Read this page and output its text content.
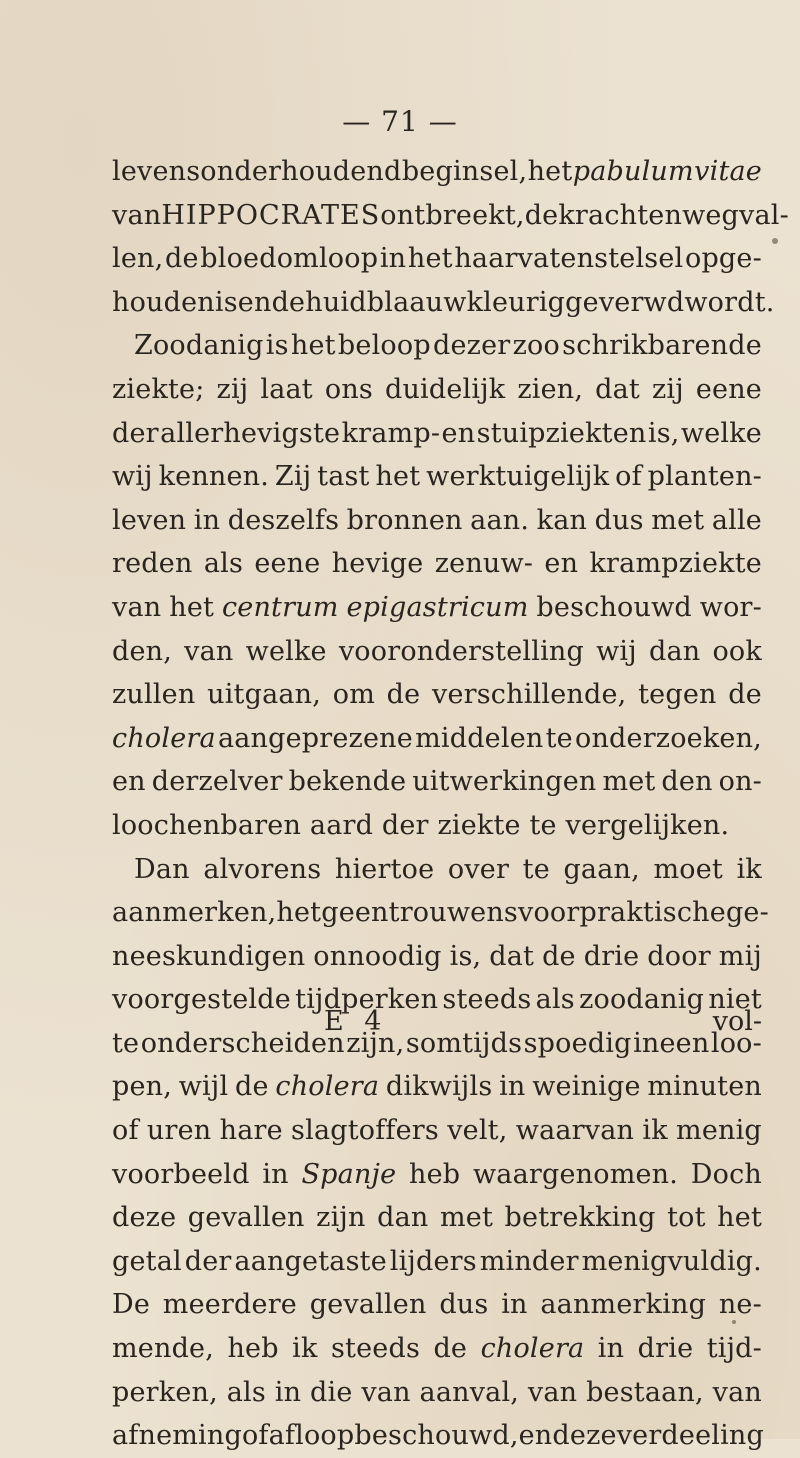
— 71 —
levensonderhoudend beginsel, het pabulum vitae
van HIPPOCRATES ontbreekt, de krachten wegval-
len, de bloedomloop in het haarvatenstelsel opge-
houden is en de huid blaauwkleurig geverwd wordt.
Zoodanig is het beloop dezer zoo schrikbarende
ziekte; zij laat ons duidelijk zien, dat zij eene
der allerhevigste kramp- en stuipziekten is, welke
wij kennen. Zij tast het werktuigelijk of planten-
leven in deszelfs bronnen aan. kan dus met alle
reden als eene hevige zenuw- en krampziekte
van het centrum epigastricum beschouwd wor-
den, van welke vooronderstelling wij dan ook
zullen uitgaan, om de verschillende, tegen de
cholera aangeprezene middelen te onderzoeken,
en derzelver bekende uitwerkingen met den on-
loochenbaren
aard
der
ziekte
te
vergelijken.

Dan alvorens hiertoe over te gaan, moet ik
aanmerken, hetgeen trouwens voor praktische ge-
neeskundigen onnoodig is, dat de drie door mij
voorgestelde tijdperken steeds als zoodanig niet
te onderscheiden zijn, somtijds spoedig ineen loo-
pen, wijl de cholera dikwijls in weinige minuten
of uren hare slagtoffers velt, waarvan ik menig
voorbeeld in Spanje heb waargenomen. Doch
deze gevallen zijn dan met betrekking tot het
getal der aangetaste lijders minder menigvuldig.
De meerdere gevallen dus in aanmerking ne-
mende, heb ik steeds de cholera in drie tijd-
perken, als in die van aanval, van bestaan, van
afneming of afloop beschouwd, en deze verdeeling
E 4	vol-
